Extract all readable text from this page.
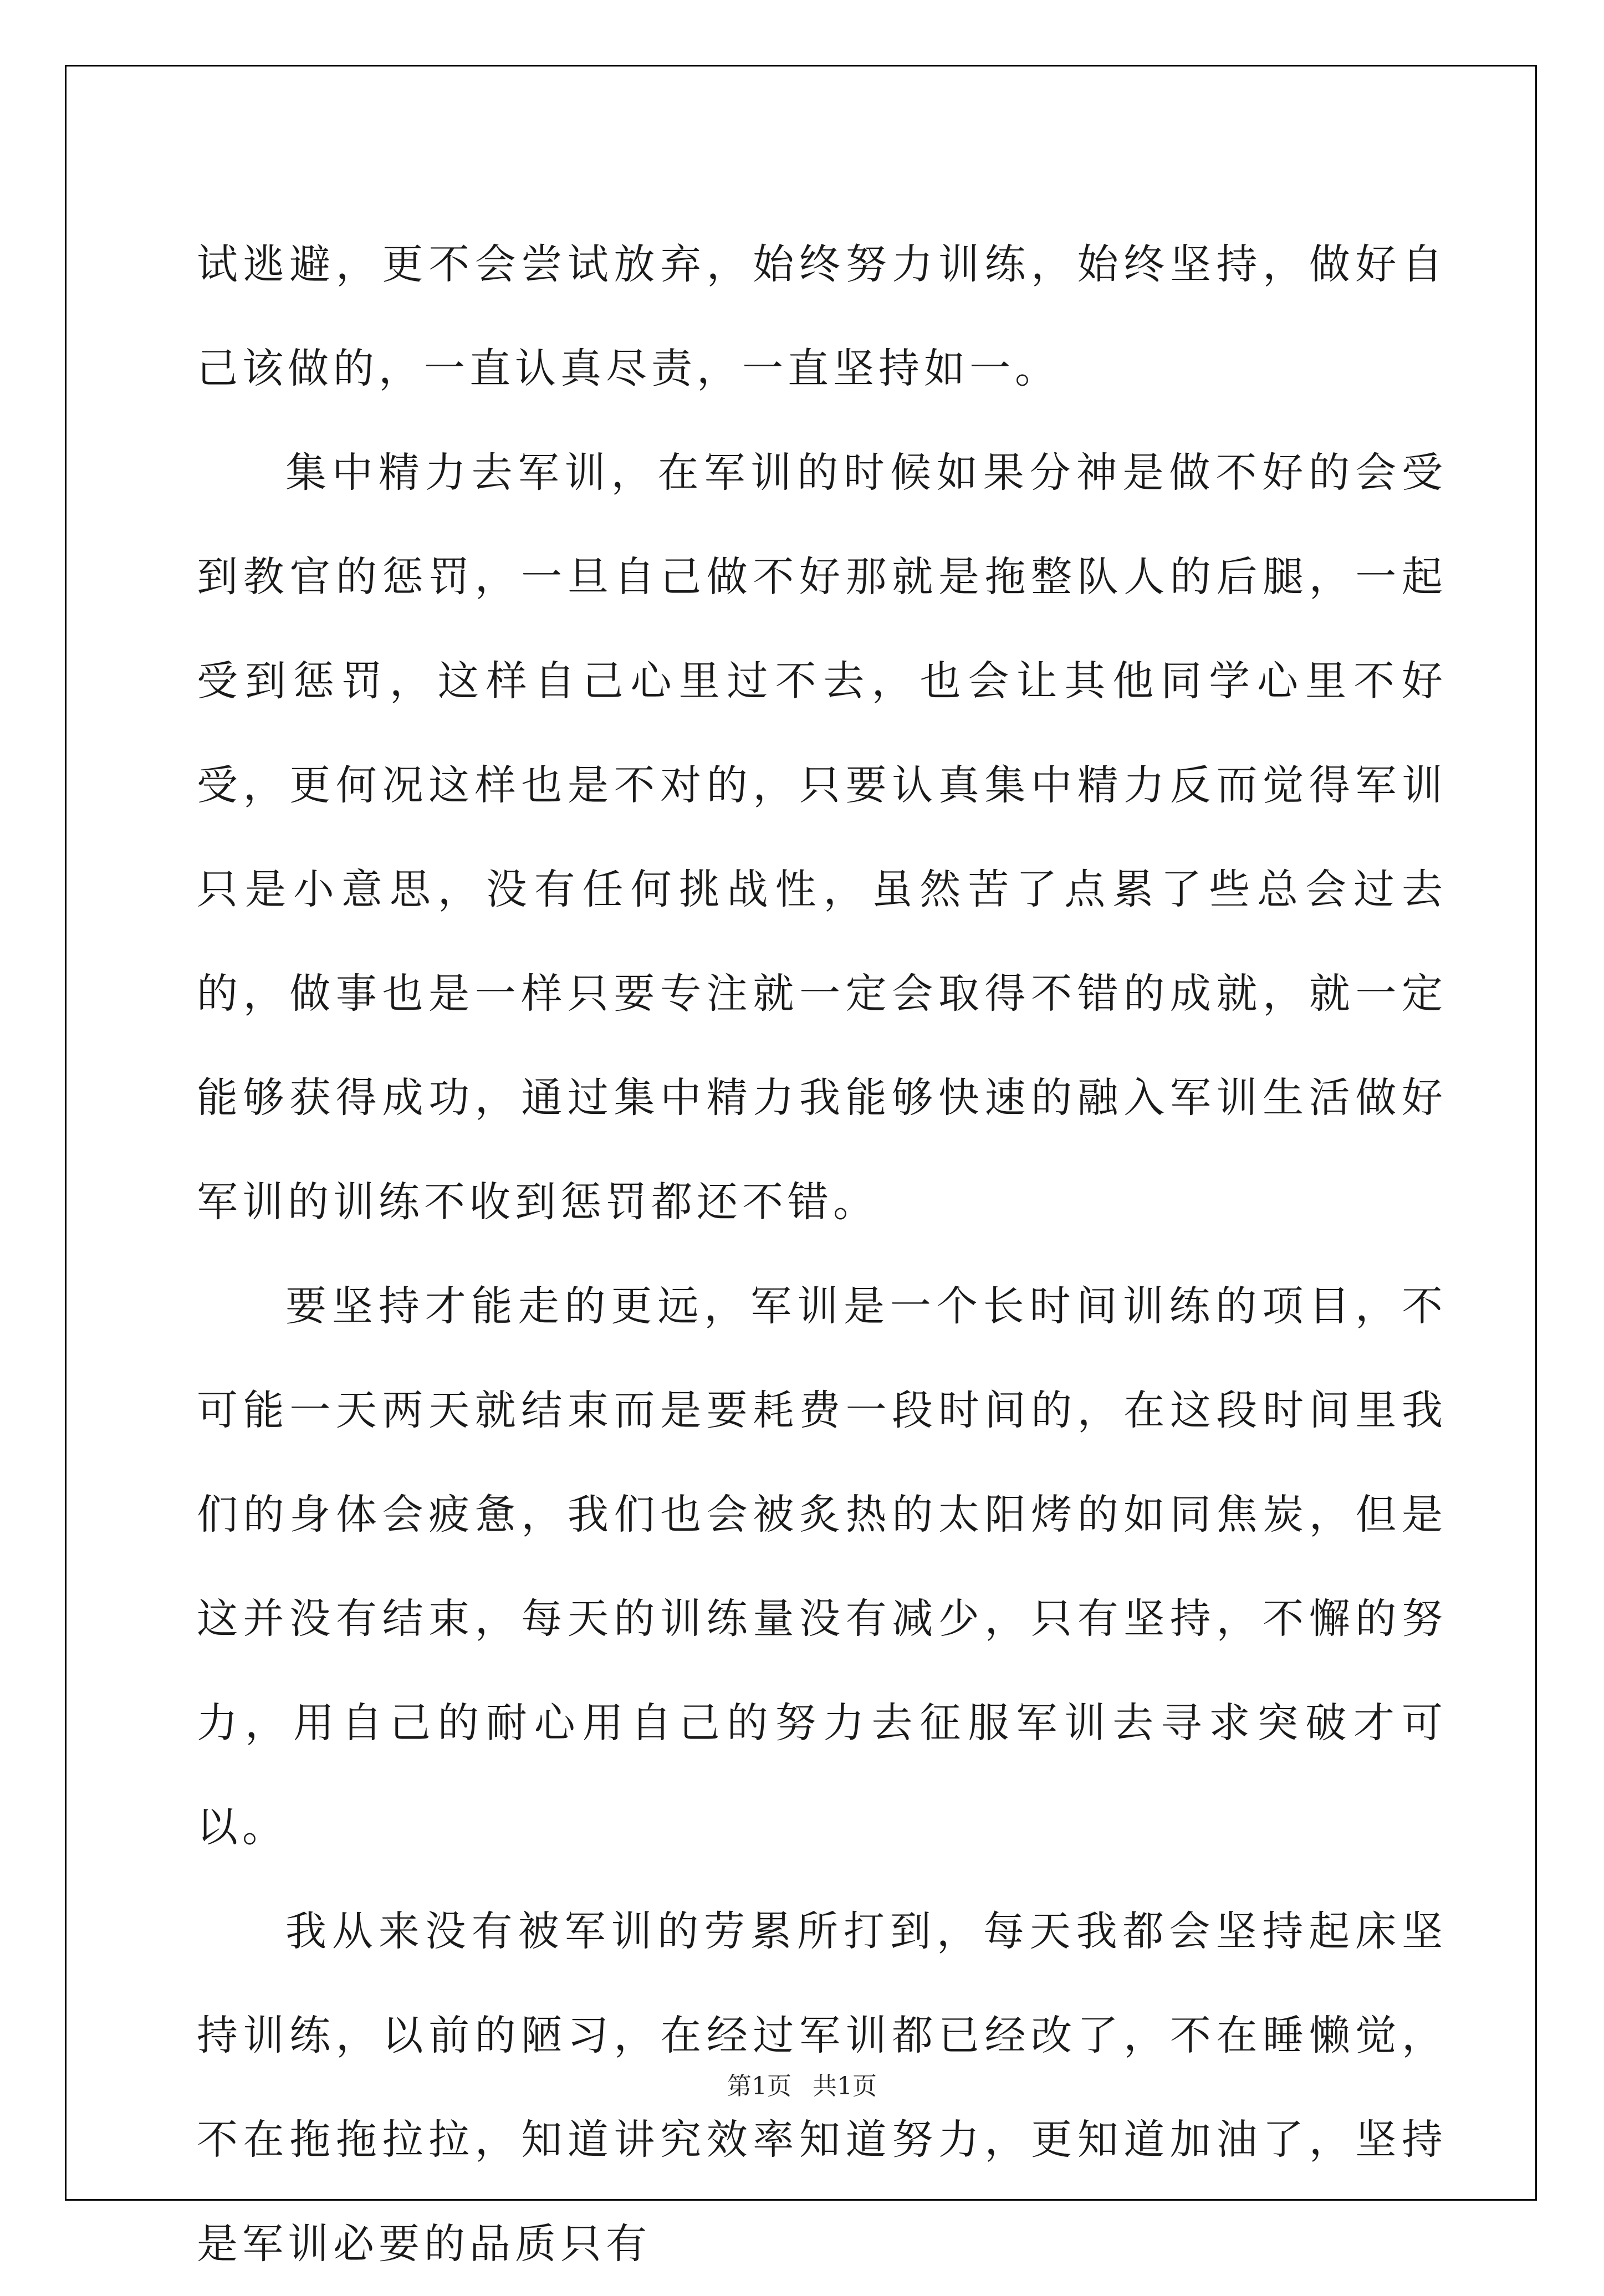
试逃避，更不会尝试放弃，始终努力训练，始终坚持，做好自己该做的，一直认真尽责，一直坚持如一。

集中精力去军训，在军训的时候如果分神是做不好的会受到教官的惩罚，一旦自己做不好那就是拖整队人的后腿，一起受到惩罚，这样自己心里过不去，也会让其他同学心里不好受，更何况这样也是不对的，只要认真集中精力反而觉得军训只是小意思，没有任何挑战性，虽然苦了点累了些总会过去的，做事也是一样只要专注就一定会取得不错的成就，就一定能够获得成功，通过集中精力我能够快速的融入军训生活做好军训的训练不收到惩罚都还不错。

要坚持才能走的更远，军训是一个长时间训练的项目，不可能一天两天就结束而是要耗费一段时间的，在这段时间里我们的身体会疲惫，我们也会被炙热的太阳烤的如同焦炭，但是这并没有结束，每天的训练量没有减少，只有坚持，不懈的努力，用自己的耐心用自己的努力去征服军训去寻求突破才可以。

我从来没有被军训的劳累所打到，每天我都会坚持起床坚持训练，以前的陋习，在经过军训都已经改了，不在睡懒觉，不在拖拖拉拉，知道讲究效率知道努力，更知道加油了，坚持是军训必要的品质只有

第1页 共1页
